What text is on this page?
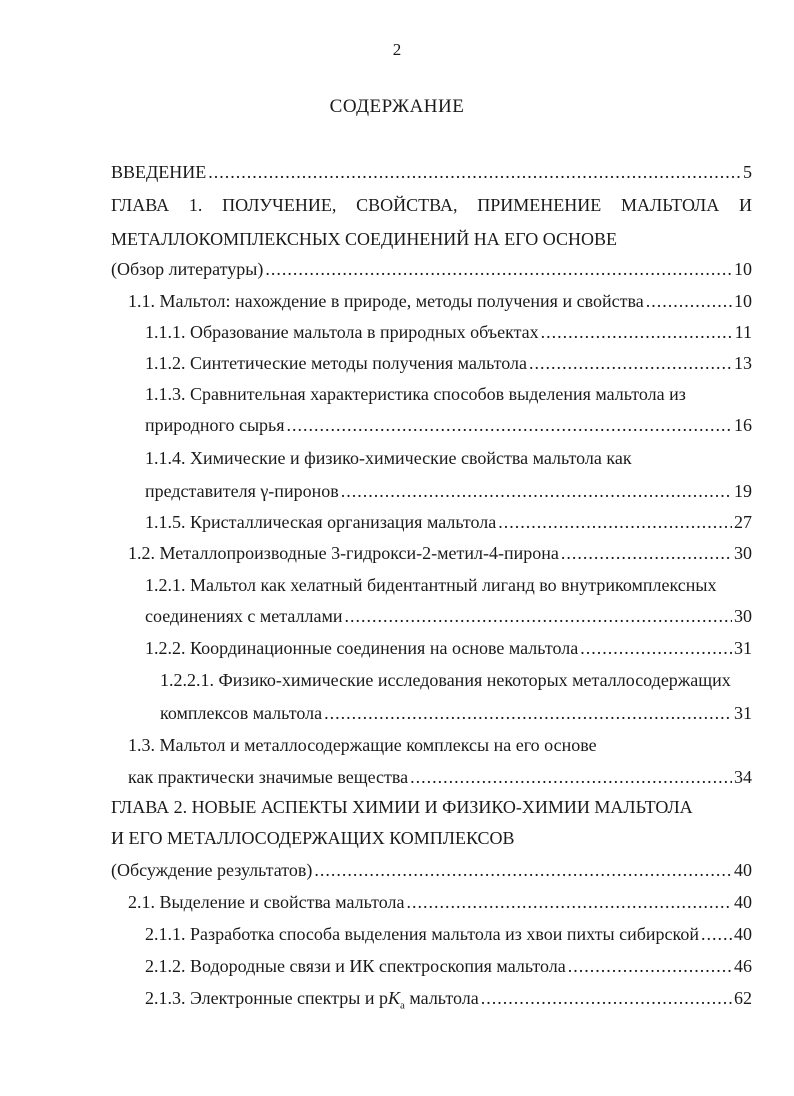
2
СОДЕРЖАНИЕ
ВВЕДЕНИЕ .....	5
ГЛАВА 1. ПОЛУЧЕНИЕ, СВОЙСТВА, ПРИМЕНЕНИЕ МАЛЬТОЛА И
МЕТАЛЛОКОМПЛЕКСНЫХ СОЕДИНЕНИЙ НА ЕГО ОСНОВЕ
(Обзор литературы) .....	10
1.1. Мальтол: нахождение в природе, методы получения и свойства .....	10
1.1.1. Образование мальтола в природных объектах .....	11
1.1.2. Синтетические методы получения мальтола .....	13
1.1.3. Сравнительная характеристика способов выделения мальтола из
природного сырья .....	16
1.1.4. Химические и физико-химические свойства мальтола как
представителя γ-пиронов .....	19
1.1.5. Кристаллическая организация мальтола .....	27
1.2. Металлопроизводные 3-гидрокси-2-метил-4-пирона .....	30
1.2.1. Мальтол как хелатный бидентантный лиганд во внутрикомплексных
соединениях с металлами .....	30
1.2.2. Координационные соединения на основе мальтола .....	31
1.2.2.1. Физико-химические исследования некоторых металлосодержащих
комплексов мальтола .....	31
1.3. Мальтол и металлосодержащие комплексы на его основе
как практически значимые вещества .....	34
ГЛАВА 2. НОВЫЕ АСПЕКТЫ ХИМИИ И ФИЗИКО-ХИМИИ МАЛЬТОЛА
И ЕГО МЕТАЛЛОСОДЕРЖАЩИХ КОМПЛЕКСОВ
(Обсуждение результатов) .....	40
2.1. Выделение и свойства мальтола .....	40
2.1.1. Разработка способа выделения мальтола из хвои пихты сибирской ..... 40
2.1.2. Водородные связи и ИК спектроскопия мальтола .....	46
2.1.3. Электронные спектры и $pK_a$ мальтола .....	62
